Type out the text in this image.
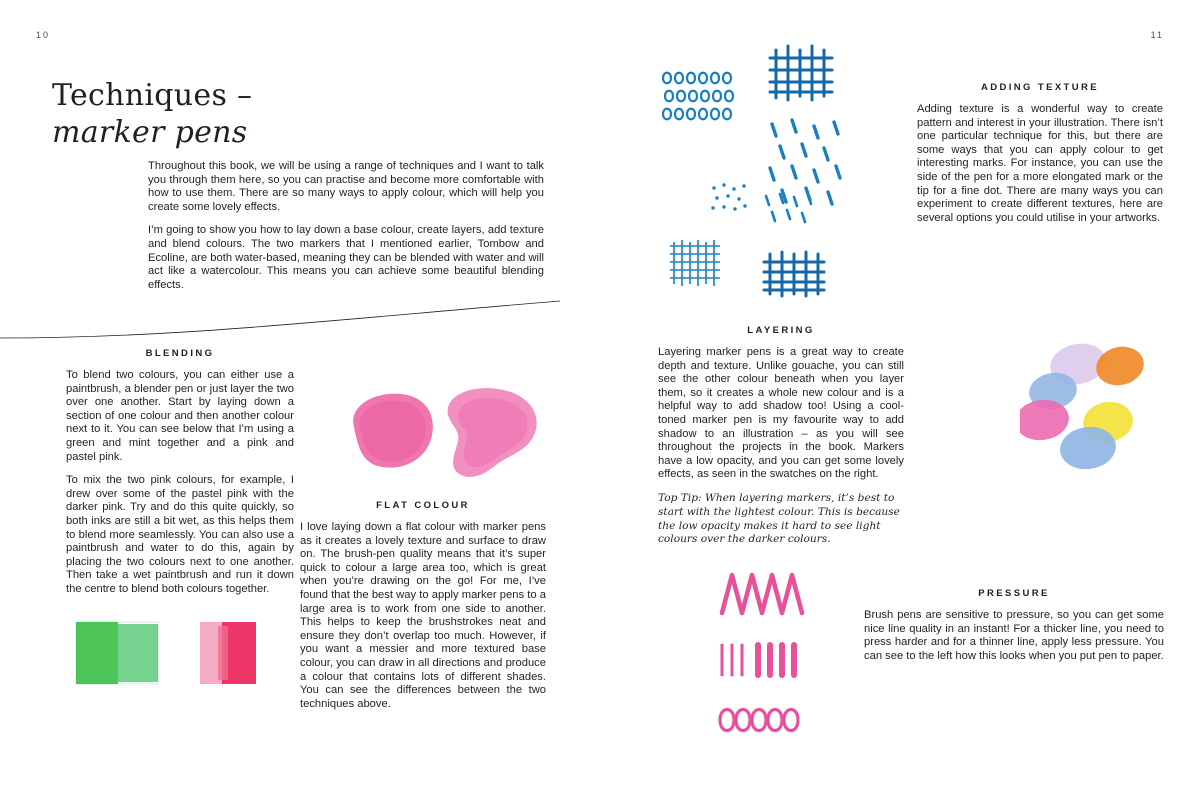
10	11
Techniques –
marker pens

Throughout this book, we will be using a range of techniques and I want to talk you through them here, so you can practise and become more comfortable with how to use them. There are so many ways to apply colour, which will help you create some lovely effects.

I’m going to show you how to lay down a base colour, create layers, add texture and blend colours. The two markers that I mentioned earlier, Tombow and Ecoline, are both water-based, meaning they can be blended with water and will act like a watercolour. This means you can achieve some beautiful blending effects.

BLENDING

To blend two colours, you can either use a paintbrush, a blender pen or just layer the two over one another. Start by laying down a section of one colour and then another colour next to it. You can see below that I’m using a green and mint together and a pink and pastel pink.

To mix the two pink colours, for example, I drew over some of the pastel pink with the darker pink. Try and do this quite quickly, so both inks are still a bit wet, as this helps them to blend more seamlessly. You can also use a paintbrush and water to do this, again by placing the two colours next to one another. Then take a wet paintbrush and run it down the centre to blend both colours together.

FLAT COLOUR

I love laying down a flat colour with marker pens as it creates a lovely texture and surface to draw on. The brush-pen quality means that it’s super quick to colour a large area too, which is great when you’re drawing on the go! For me, I’ve found that the best way to apply marker pens to a large area is to work from one side to another. This helps to keep the brushstrokes neat and ensure they don’t overlap too much. However, if you want a messier and more textured base colour, you can draw in all directions and produce a colour that contains lots of different shades. You can see the differences between the two techniques above.

ADDING TEXTURE

Adding texture is a wonderful way to create pattern and interest in your illustration. There isn’t one particular technique for this, but there are some ways that you can apply colour to get interesting marks. For instance, you can use the side of the pen for a more elongated mark or the tip for a fine dot. There are many ways you can experiment to create different textures, here are several options you could utilise in your artworks.

LAYERING

Layering marker pens is a great way to create depth and texture. Unlike gouache, you can still see the other colour beneath when you layer them, so it creates a whole new colour and is a helpful way to add shadow too! Using a cool-toned marker pen is my favourite way to add shadow to an illustration – as you will see throughout the projects in the book. Markers have a low opacity, and you can get some lovely effects, as seen in the swatches on the right.

Top Tip: When layering markers, it’s best to start with the lightest colour. This is because the low opacity makes it hard to see light colours over the darker colours.

PRESSURE

Brush pens are sensitive to pressure, so you can get some nice line quality in an instant! For a thicker line, you need to press harder and for a thinner line, apply less pressure. You can see to the left how this looks when you put pen to paper.
